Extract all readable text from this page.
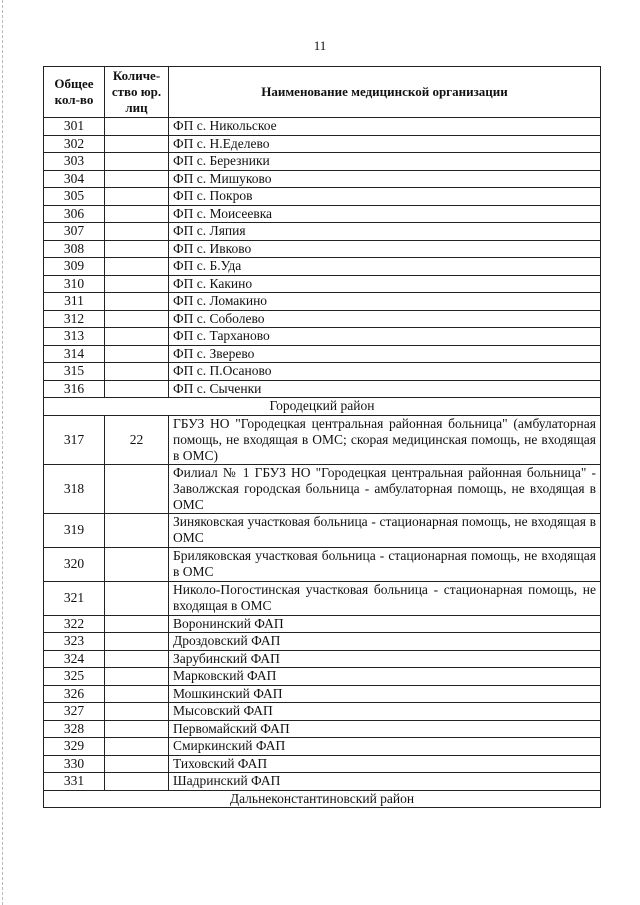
11
Общее кол-во	Количе-ство юр. лиц	Наименование медицинской организации
301		ФП с. Никольское
302		ФП с. Н.Еделево
303		ФП с. Березники
304		ФП с. Мишуково
305		ФП с. Покров
306		ФП с. Моисеевка
307		ФП с. Ляпия
308		ФП с. Ивково
309		ФП с. Б.Уда
310		ФП с. Какино
311		ФП с. Ломакино
312		ФП с. Соболево
313		ФП с. Тарханово
314		ФП с. Зверево
315		ФП с. П.Осаново
316		ФП с. Сыченки
Городецкий район		
317	22	ГБУЗ НО "Городецкая центральная районная больница" (амбулаторная помощь, не входящая в ОМС; скорая медицинская помощь, не входящая в ОМС)
318		Филиал № 1 ГБУЗ НО "Городецкая центральная районная больница" - Заволжская городская больница - амбулаторная помощь, не входящая в ОМС
319		Зиняковская участковая больница - стационарная помощь, не входящая в ОМС
320		Бриляковская участковая больница - стационарная помощь, не входящая в ОМС
321		Николо-Погостинская участковая больница - стационарная помощь, не входящая в ОМС
322		Воронинский ФАП
323		Дроздовский ФАП
324		Зарубинский ФАП
325		Марковский ФАП
326		Мошкинский ФАП
327		Мысовский ФАП
328		Первомайский ФАП
329		Смиркинский ФАП
330		Тиховский ФАП
331		Шадринский ФАП
Дальнеконстантиновский район		
